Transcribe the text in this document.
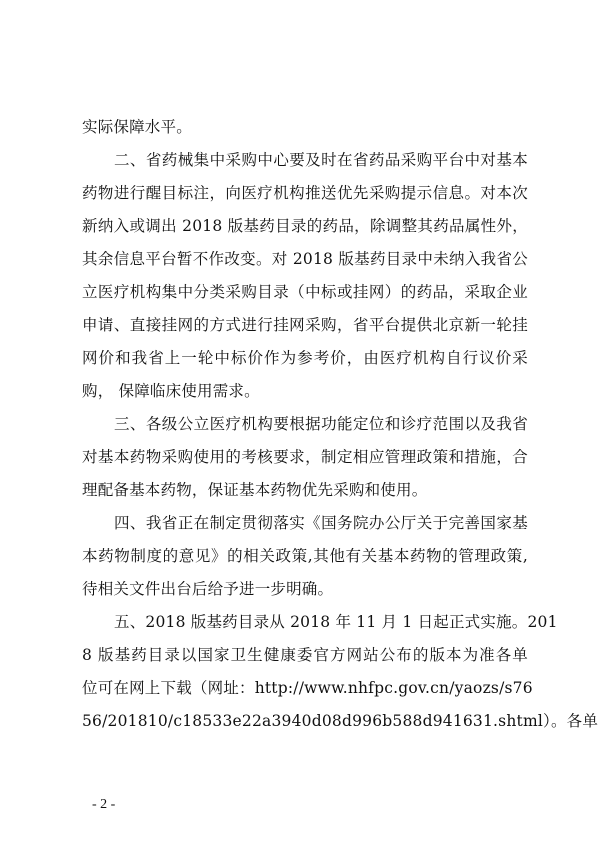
实际保障水平。
二、省药械集中采购中心要及时在省药品采购平台中对基本
药物进行醒目标注，向医疗机构推送优先采购提示信息。对本次
新纳入或调出 2018 版基药目录的药品，除调整其药品属性外，
其余信息平台暂不作改变。对 2018 版基药目录中未纳入我省公
立医疗机构集中分类采购目录（中标或挂网）的药品，采取企业
申请、直接挂网的方式进行挂网采购，省平台提供北京新一轮挂
网价和我省上一轮中标价作为参考价，由医疗机构自行议价采
购， 保障临床使用需求。
三、各级公立医疗机构要根据功能定位和诊疗范围以及我省
对基本药物采购使用的考核要求，制定相应管理政策和措施，合
理配备基本药物，保证基本药物优先采购和使用。
四、我省正在制定贯彻落实《国务院办公厅关于完善国家基
本药物制度的意见》的相关政策,其他有关基本药物的管理政策,
待相关文件出台后给予进一步明确。
五、2018 版基药目录从 2018 年 11 月 1 日起正式实施。201
8 版基药目录以国家卫生健康委官方网站公布的版本为准各单
位可在网上下载（网址：http://www.nhfpc.gov.cn/yaozs/s76
56/201810/c18533e22a3940d08d996b588d941631.shtml）。各单
- 2 -
